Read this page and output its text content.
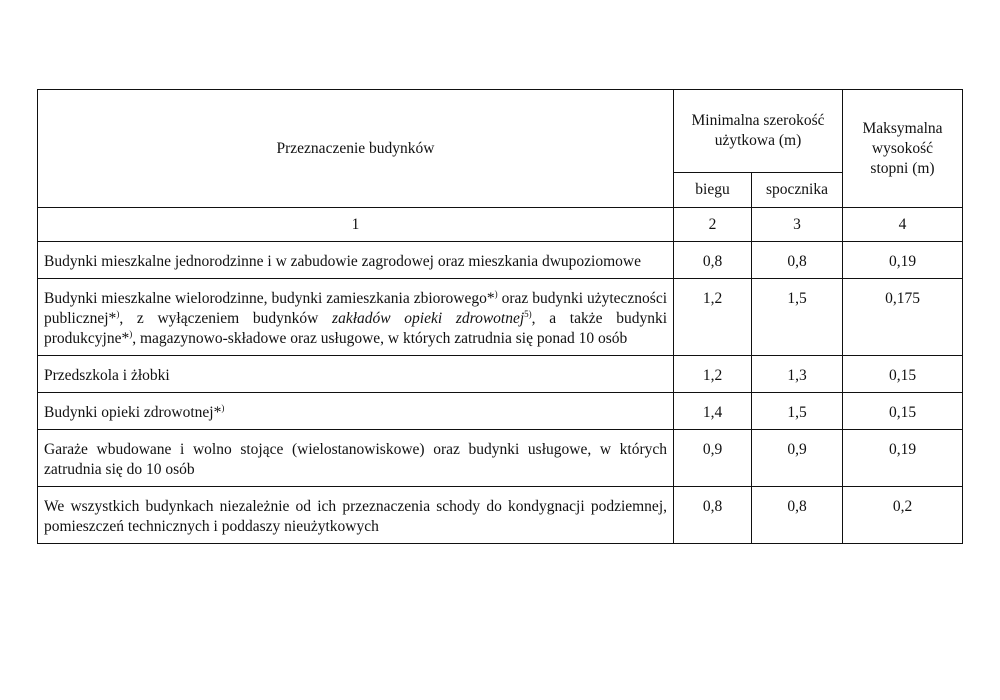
Przeznaczenie budynków	Minimalna szerokość użytkowa (m)		Maksymalna wysokość stopni (m)
	biegu	spocznika	
1	2	3	4
Budynki mieszkalne jednorodzinne i w zabudowie zagrodowej oraz mieszkania dwupoziomowe	0,8	0,8	0,19
Budynki mieszkalne wielorodzinne, budynki zamieszkania zbiorowego*) oraz budynki użyteczności publicznej*), z wyłączeniem budynków zakładów opieki zdrowotnej$^{5)}$, a także budynki produkcyjne*), magazynowo-składowe oraz usługowe, w których zatrudnia się ponad 10 osób	1,2	1,5	0,175
Przedszkola i żłobki	1,2	1,3	0,15
Budynki opieki zdrowotnej*)	1,4	1,5	0,15
Garaże wbudowane i wolno stojące (wielostanowiskowe) oraz budynki usługowe, w których zatrudnia się do 10 osób	0,9	0,9	0,19
We wszystkich budynkach niezależnie od ich przeznaczenia schody do kondygnacji podziemnej, pomieszczeń technicznych i poddaszy nieużytkowych	0,8	0,8	0,2
